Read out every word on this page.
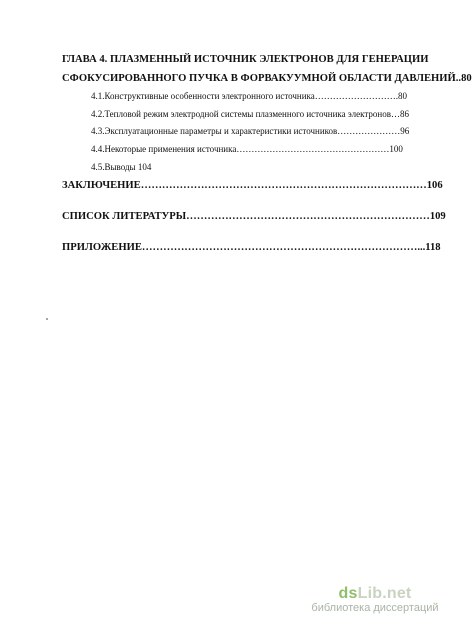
ГЛАВА 4. ПЛАЗМЕННЫЙ ИСТОЧНИК ЭЛЕКТРОНОВ ДЛЯ ГЕНЕРАЦИИ
СФОКУСИРОВАННОГО ПУЧКА В ФОРВАКУУМНОЙ ОБЛАСТИ ДАВЛЕНИЙ..80
4.1.Конструктивные особенности электронного источника……………………….80
4.2.Тепловой режим электродной системы плазменного источника электронов…86
4.3.Эксплуатационные параметры и характеристики источников…………………96
4.4.Некоторые применения источника……………………………………………100
4.5.Выводы 104
ЗАКЛЮЧЕНИЕ………………………………………………………………………106
СПИСОК ЛИТЕРАТУРЫ……………………………………………………………109
ПРИЛОЖЕНИЕ……………………………………………………………………...118
dsLib.net
библиотека диссертаций
